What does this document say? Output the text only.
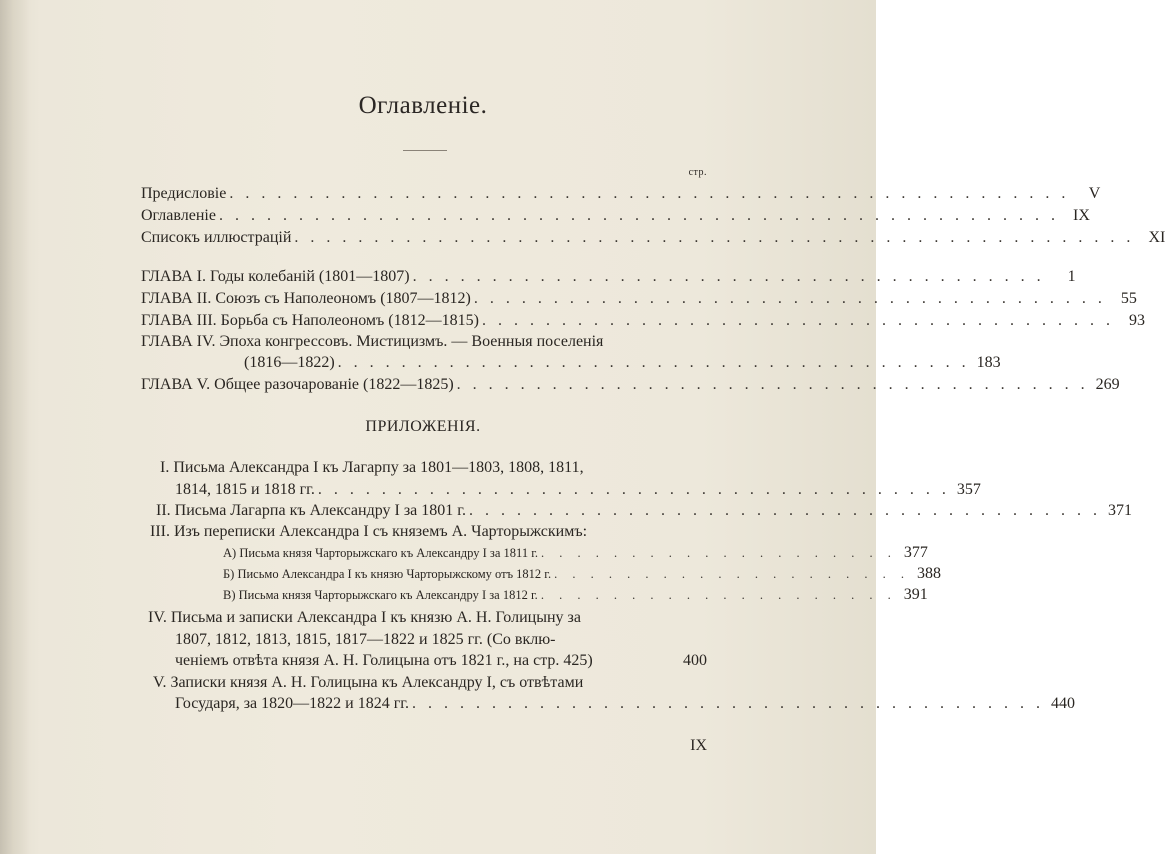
Оглавленіе.
стр.
Предисловіе . . . . . . . . . . . . . . . . . . . . . . . . . . . . . . . . . . . . . . . . . . . . . . . . . . . . .	V
Оглавленіе . . . . . . . . . . . . . . . . . . . . . . . . . . . . . . . . . . . . . . . . . . . . . . . . . . . . . IX
Списокъ иллюстрацій . . . . . . . . . . . . . . . . . . . . . . . . . . . . . . . . . . . . . . . . . . . . . . . . . . . . . XI
ГЛАВА I. Годы колебаній (1801—1807) . . . . . . . . . . . . . . . . . . . . . . . . . . . . . . . . . . . . . . . .	1
ГЛАВА II. Союзъ съ Наполеономъ (1807—1812) . . . . . . . . . . . . . . . . . . . . . . . . . . . . . . . . . . . . . . . . 55
ГЛАВА III. Борьба съ Наполеономъ (1812—1815) . . . . . . . . . . . . . . . . . . . . . . . . . . . . . . . . . . . . . . . . 93
ГЛАВА IV. Эпоха конгрессовъ. Мистицизмъ. — Военныя поселенія
(1816—1822) . . . . . . . . . . . . . . . . . . . . . . . . . . . . . . . . . . . . . . . . 183
ГЛАВА V. Общее разочарованіе (1822—1825) . . . . . . . . . . . . . . . . . . . . . . . . . . . . . . . . . . . . . . . . 269
ПРИЛОЖЕНІЯ.
I. Письма Александра I къ Лагарпу за 1801—1803, 1808, 1811,
1814, 1815 и 1818 гг. . . . . . . . . . . . . . . . . . . . . . . . . . . . . . . . . . . . . . . . . 357
II. Письма Лагарпа къ Александру I за 1801 г. . . . . . . . . . . . . . . . . . . . . . . . . . . . . . . . . . . . . . . . . 371
III. Изъ переписки Александра I съ княземъ А. Чарторыжскимъ:
А) Письма князя Чарторыжскаго къ Александру I за 1811 г. . . . . . . . . . . . . . . . . . . . . 377
Б) Письмо Александра I къ князю Чарторыжскому отъ 1812 г. . . . . . . . . . . . . . . . . . . . . 388
В) Письма князя Чарторыжскаго къ Александру I за 1812 г. . . . . . . . . . . . . . . . . . . . . 391
IV. Письма и записки Александра I къ князю А. Н. Голицыну за
1807, 1812, 1813, 1815, 1817—1822 и 1825 гг. (Со вклю-
ченіемъ отвѣта князя А. Н. Голицына отъ 1821 г., на стр. 425)	400
V. Записки князя А. Н. Голицына къ Александру I, съ отвѣтами
Государя, за 1820—1822 и 1824 гг. . . . . . . . . . . . . . . . . . . . . . . . . . . . . . . . . . . . . . . . . 440
IX
